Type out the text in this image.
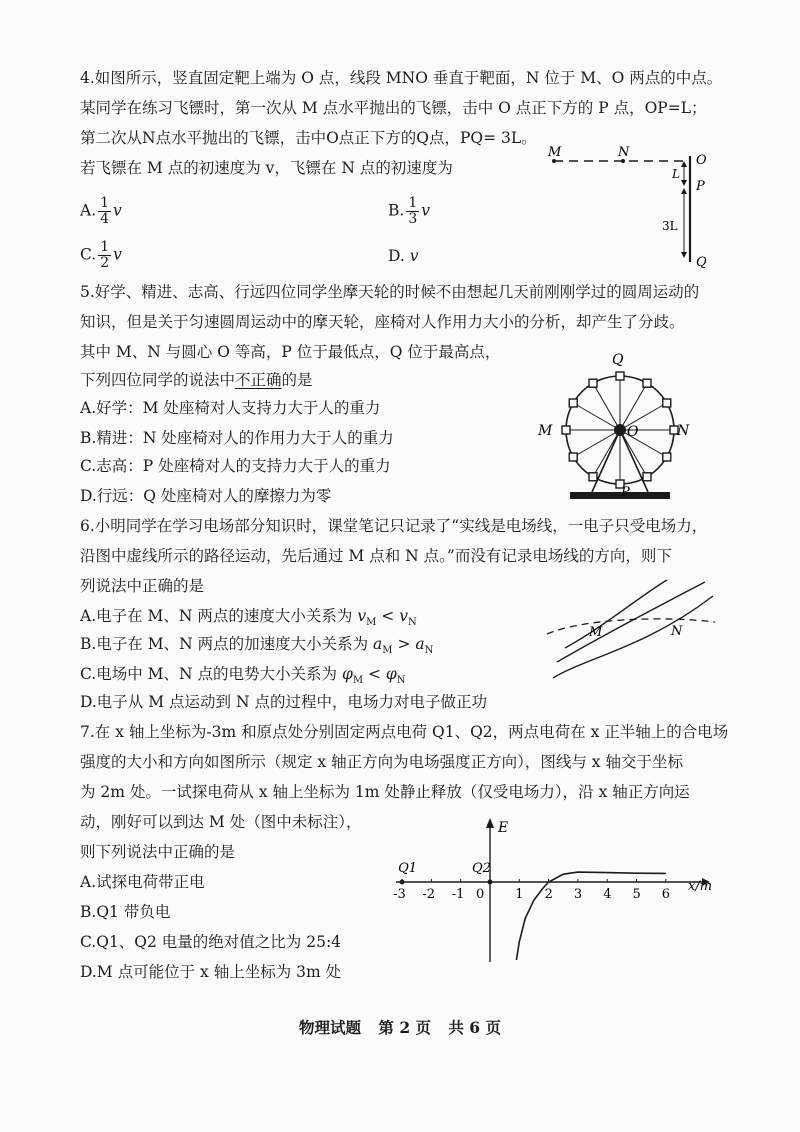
4.如图所示，竖直固定靶上端为 O 点，线段 MNO 垂直于靶面，N 位于 M、O 两点的中点。
某同学在练习飞镖时，第一次从 M 点水平抛出的飞镖，击中 O 点正下方的 P 点，OP=L；
第二次从N点水平抛出的飞镖，击中O点正下方的Q点，PQ= 3L。
若飞镖在 M 点的初速度为 v，飞镖在 N 点的初速度为
A. $\frac{1}{4}$ v	B. $\frac{1}{3}$ v
C. $\frac{1}{2}$ v	D. v
M	N
O
P
Q
L
3L
5.好学、精进、志高、行远四位同学坐摩天轮的时候不由想起几天前刚刚学过的圆周运动的
知识，但是关于匀速圆周运动中的摩天轮，座椅对人作用力大小的分析，却产生了分歧。
其中 M、N 与圆心 O 等高，P 位于最低点，Q 位于最高点，
下列四位同学的说法中不正确的是
A.好学：M 处座椅对人支持力大于人的重力
B.精进：N 处座椅对人的作用力大于人的重力
C.志高：P 处座椅对人的支持力大于人的重力
D.行远：Q 处座椅对人的摩擦力为零
Q
M	N
O
P
6.小明同学在学习电场部分知识时，课堂笔记只记录了“实线是电场线，一电子只受电场力，
沿图中虚线所示的路径运动，先后通过 M 点和 N 点。”而没有记录电场线的方向，则下
列说法中正确的是
A.电子在 M、N 两点的速度大小关系为 $v_M < v_N$
B.电子在 M、N 两点的加速度大小关系为 $a_M > a_N$
C.电场中 M、N 点的电势大小关系为 $\varphi_M < \varphi_N$
D.电子从 M 点运动到 N 点的过程中，电场力对电子做正功
M	N
7.在 x 轴上坐标为-3m 和原点处分别固定两点电荷 Q1、Q2，两点电荷在 x 正半轴上的合电场
强度的大小和方向如图所示（规定 x 轴正方向为电场强度正方向），图线与 x 轴交于坐标
为 2m 处。一试探电荷从 x 轴上坐标为 1m 处静止释放（仅受电场力），沿 x 轴正方向运
动，刚好可以到达 M 处（图中未标注），
则下列说法中正确的是
A.试探电荷带正电
B.Q1 带负电
C.Q1、Q2 电量的绝对值之比为 25:4
D.M 点可能位于 x 轴上坐标为 3m 处
E
x/m
-3 -2 -1 0 1 2 3 4 5 6
Q1	Q2
物理试题 第 2 页 共 6 页
